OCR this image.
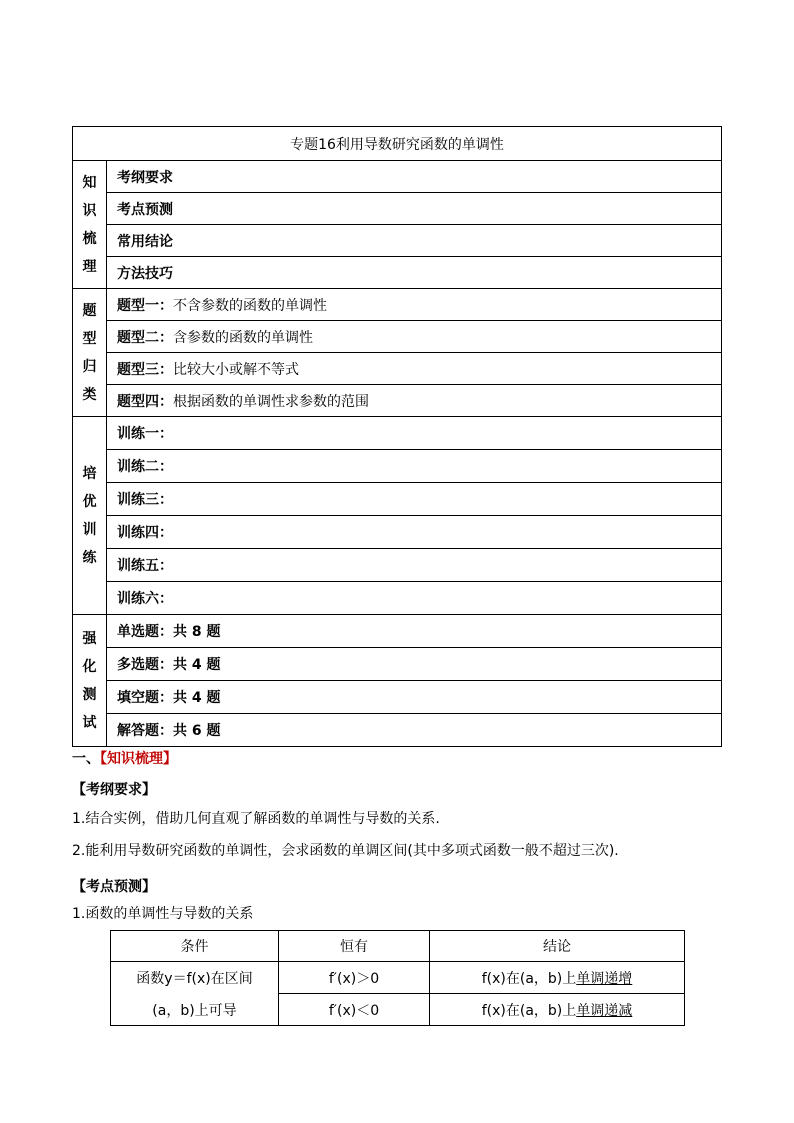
专题16利用导数研究函数的单调性	

知
识
梳
理	考纲要求
	考点预测
	常用结论
	方法技巧

题
型
归
类	题型一：不含参数的函数的单调性
	题型二：含参数的函数的单调性
	题型三：比较大小或解不等式
	题型四：根据函数的单调性求参数的范围

培
优
训
练	训练一：
	训练二：
	训练三：
	训练四：
	训练五：
	训练六：

强
化
测
试	单选题：共 8 题
	多选题：共 4 题
	填空题：共 4 题
	解答题：共 6 题
一、【知识梳理】
【考纲要求】
1.结合实例，借助几何直观了解函数的单调性与导数的关系.
2.能利用导数研究函数的单调性，会求函数的单调区间(其中多项式函数一般不超过三次).
【考点预测】
1.函数的单调性与导数的关系
条件	恒有	结论

函数y＝f(x)在区间
(a，b)上可导	f′(x)＞0	f(x)在(a，b)上单调递增
	f′(x)＜0	f(x)在(a，b)上单调递减
